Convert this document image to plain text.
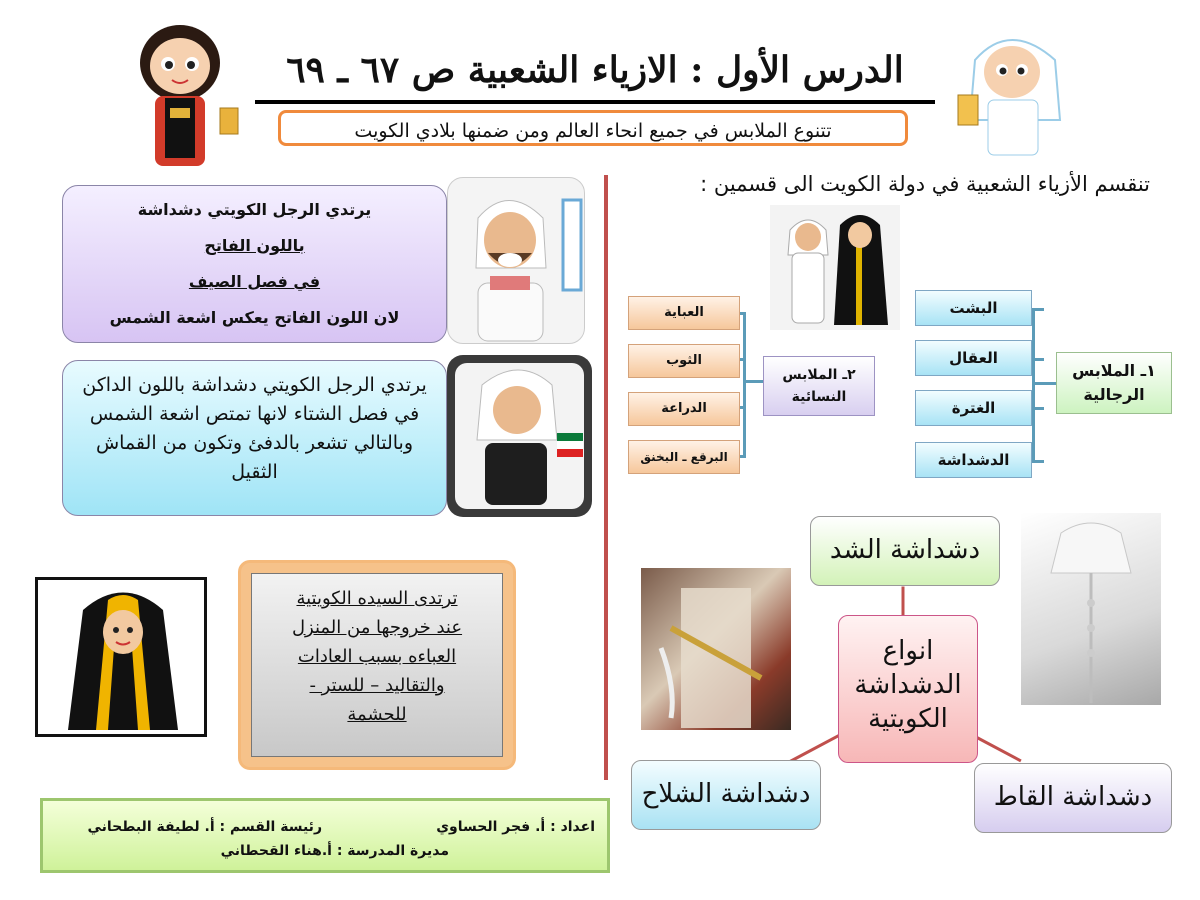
الدرس الأول : الازياء الشعبية ص ٦٧ ـ ٦٩
تتنوع الملابس في جميع انحاء العالم ومن ضمنها بلادي الكويت
يرتدي الرجل الكويتي دشداشة
باللون الفاتح
في فصل الصيف
لان اللون الفاتح يعكس اشعة الشمس
يرتدي الرجل الكويتي دشداشة باللون الداكن في فصل الشتاء لانها تمتص اشعة الشمس وبالتالي تشعر بالدفئ وتكون من القماش الثقيل
ترتدى السيده الكويتية
عند خروجها من المنزل
العباءه بسبب العادات
والتقاليد – للستر -
للحشمة
اعداد : أ. فجر الحساوي
رئيسة القسم : أ. لطيفة البطحاني
مديرة المدرسة : أ.هناء القحطاني
تنقسم الأزياء الشعبية في دولة الكويت الى قسمين :
١ـ الملابس الرجالية
البشت
العقال
الغترة
الدشداشة
٢ـ الملابس النسائية
العباية
الثوب
الدراعة
البرقع ـ البخنق
دشداشة الشد
انواع الدشداشة الكويتية
دشداشة الشلاح	دشداشة القاط
